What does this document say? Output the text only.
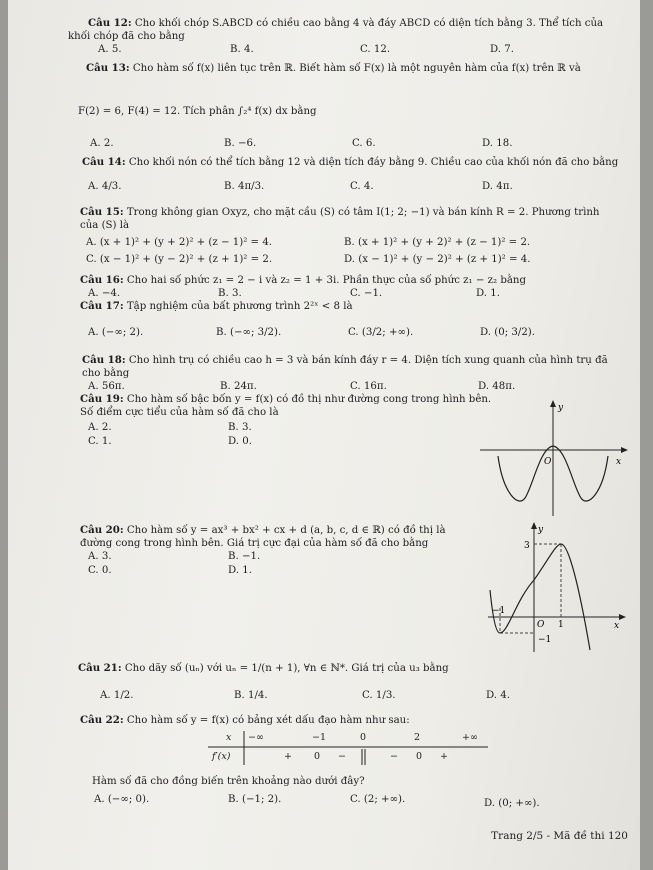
Câu 12: Cho khối chóp S.ABCD có chiều cao bằng 4 và đáy ABCD có diện tích bằng 3. Thể tích của
khối chóp đã cho bằng
A. 5.	B. 4.	C. 12.	D. 7.
Câu 13: Cho hàm số f(x) liên tục trên ℝ. Biết hàm số F(x) là một nguyên hàm của f(x) trên ℝ và
F(2) = 6, F(4) = 12. Tích phân ∫₂⁴ f(x) dx bằng
A. 2.	B. −6.	C. 6.	D. 18.
Câu 14: Cho khối nón có thể tích bằng 12 và diện tích đáy bằng 9. Chiều cao của khối nón đã cho bằng
A. 4/3.	B. 4π/3.	C. 4.	D. 4π.
Câu 15: Trong không gian Oxyz, cho mặt cầu (S) có tâm I(1; 2; −1) và bán kính R = 2. Phương trình
của (S) là
A. (x + 1)² + (y + 2)² + (z − 1)² = 4.	B. (x + 1)² + (y + 2)² + (z − 1)² = 2.
C. (x − 1)² + (y − 2)² + (z + 1)² = 2.	D. (x − 1)² + (y − 2)² + (z + 1)² = 4.
Câu 16: Cho hai số phức z₁ = 2 − i và z₂ = 1 + 3i. Phần thực của số phức z₁ − z₂ bằng
A. −4.	B. 3.	C. −1.	D. 1.
Câu 17: Tập nghiệm của bất phương trình 2²ˣ < 8 là
A. (−∞; 2).	B. (−∞; 3/2).	C. (3/2; +∞).	D. (0; 3/2).
Câu 18: Cho hình trụ có chiều cao h = 3 và bán kính đáy r = 4. Diện tích xung quanh của hình trụ đã
cho bằng
A. 56π.	B. 24π.	C. 16π.	D. 48π.
Câu 19: Cho hàm số bậc bốn y = f(x) có đồ thị như đường cong trong hình bên.
Số điểm cực tiểu của hàm số đã cho là
A. 2.	B. 3.
C. 1.	D. 0.
y
O	x
Câu 20: Cho hàm số y = ax³ + bx² + cx + d (a, b, c, d ∈ ℝ) có đồ thị là
đường cong trong hình bên. Giá trị cực đại của hàm số đã cho bằng
A. 3.	B. −1.
C. 0.	D. 1.
y
3
−1
O 1
−1
x
Câu 21: Cho dãy số (uₙ) với uₙ = 1/(n + 1), ∀n ∈ ℕ*. Giá trị của u₃ bằng
A. 1/2.	B. 1/4.	C. 1/3.	D. 4.
Câu 22: Cho hàm số y = f(x) có bảng xét dấu đạo hàm như sau:
x −∞	−1	0	2	+∞
f′(x)	+ 0 −	− 0 +
Hàm số đã cho đồng biến trên khoảng nào dưới đây?
A. (−∞; 0).	B. (−1; 2).	C. (2; +∞).	D. (0; +∞).
Trang 2/5 - Mã đề thi 120
